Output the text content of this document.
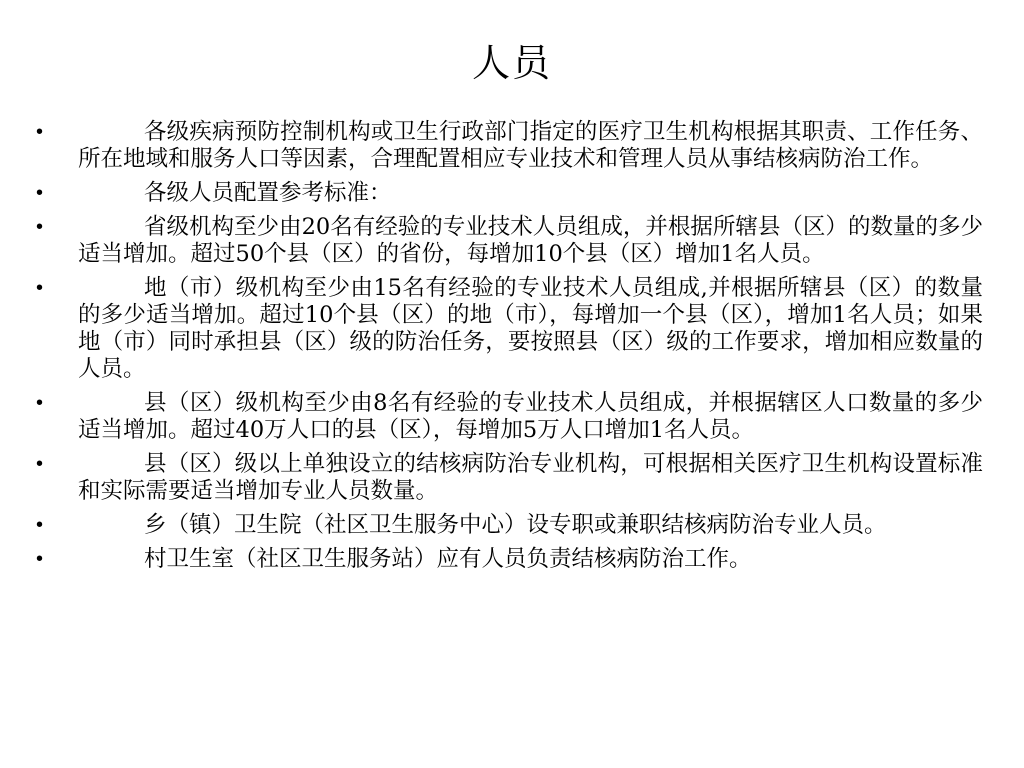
人员
•	各级疾病预防控制机构或卫生行政部门指定的医疗卫生机构根据其职责、工作任务、所在地域和服务人口等因素，合理配置相应专业技术和管理人员从事结核病防治工作。
•	各级人员配置参考标准：
•	省级机构至少由20名有经验的专业技术人员组成，并根据所辖县（区）的数量的多少适当增加。超过50个县（区）的省份，每增加10个县（区）增加1名人员。
•	地（市）级机构至少由15名有经验的专业技术人员组成,并根据所辖县（区）的数量的多少适当增加。超过10个县（区）的地（市），每增加一个县（区），增加1名人员；如果地（市）同时承担县（区）级的防治任务，要按照县（区）级的工作要求，增加相应数量的人员。
•	县（区）级机构至少由8名有经验的专业技术人员组成，并根据辖区人口数量的多少适当增加。超过40万人口的县（区），每增加5万人口增加1名人员。
•	县（区）级以上单独设立的结核病防治专业机构，可根据相关医疗卫生机构设置标准和实际需要适当增加专业人员数量。
•	乡（镇）卫生院（社区卫生服务中心）设专职或兼职结核病防治专业人员。
•	村卫生室（社区卫生服务站）应有人员负责结核病防治工作。
